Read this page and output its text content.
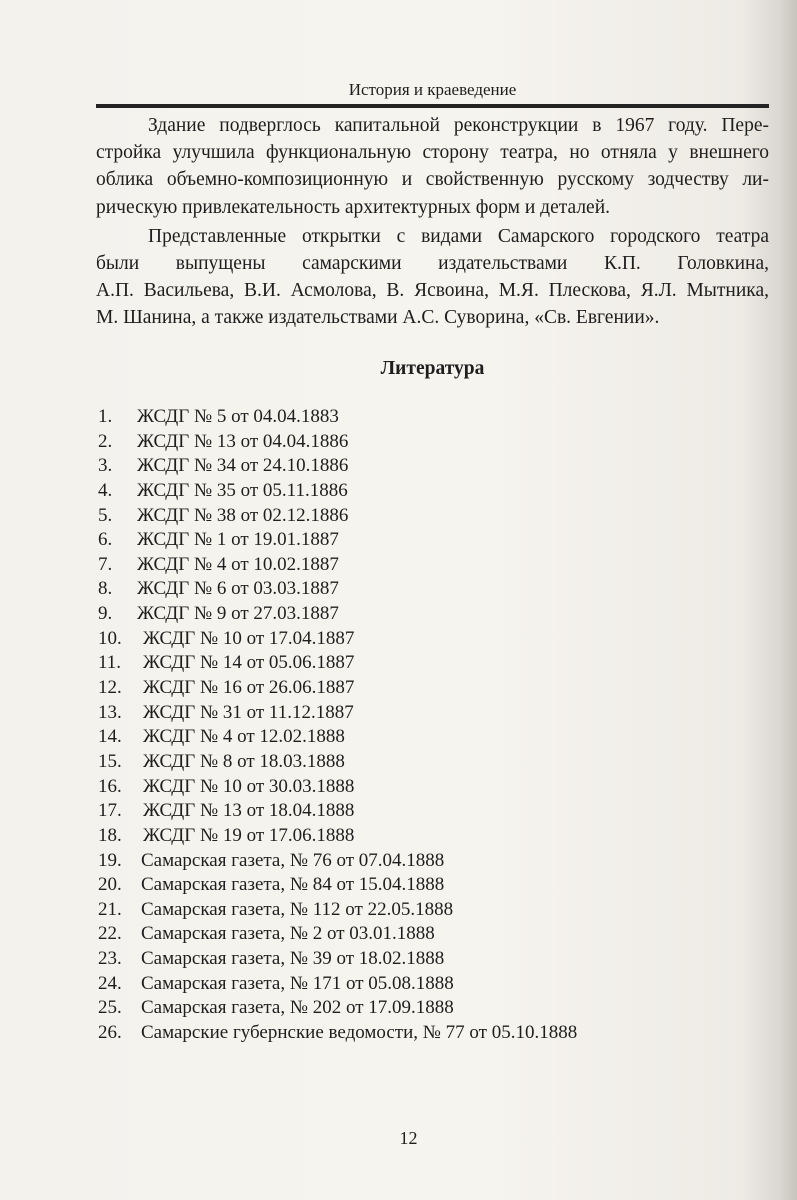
История и краеведение

Здание подверглось капитальной реконструкции в 1967 году. Пере-
стройка улучшила функциональную сторону театра, но отняла у внешнего
облика объемно-композиционную и свойственную русскому зодчеству ли-
рическую привлекательность архитектурных форм и деталей.

Представленные открытки с видами Самарского городского театра
были выпущены самарскими издательствами К.П. Головкина,
А.П. Васильева, В.И. Асмолова, В. Ясвоина, М.Я. Плескова, Я.Л. Мытника,
М. Шанина, а также издательствами А.С. Суворина, «Св. Евгении».

Литература
1. ЖСДГ № 5 от 04.04.1883
2. ЖСДГ № 13 от 04.04.1886
3. ЖСДГ № 34 от 24.10.1886
4. ЖСДГ № 35 от 05.11.1886
5. ЖСДГ № 38 от 02.12.1886
6. ЖСДГ № 1 от 19.01.1887
7. ЖСДГ № 4 от 10.02.1887
8. ЖСДГ № 6 от 03.03.1887
9. ЖСДГ № 9 от 27.03.1887
10. ЖСДГ № 10 от 17.04.1887
11. ЖСДГ № 14 от 05.06.1887
12. ЖСДГ № 16 от 26.06.1887
13. ЖСДГ № 31 от 11.12.1887
14. ЖСДГ № 4 от 12.02.1888
15. ЖСДГ № 8 от 18.03.1888
16. ЖСДГ № 10 от 30.03.1888
17. ЖСДГ № 13 от 18.04.1888
18. ЖСДГ № 19 от 17.06.1888
19. Самарская газета, № 76 от 07.04.1888
20. Самарская газета, № 84 от 15.04.1888
21. Самарская газета, № 112 от 22.05.1888
22. Самарская газета, № 2 от 03.01.1888
23. Самарская газета, № 39 от 18.02.1888
24. Самарская газета, № 171 от 05.08.1888
25. Самарская газета, № 202 от 17.09.1888
26. Самарские губернские ведомости, № 77 от 05.10.1888
12
